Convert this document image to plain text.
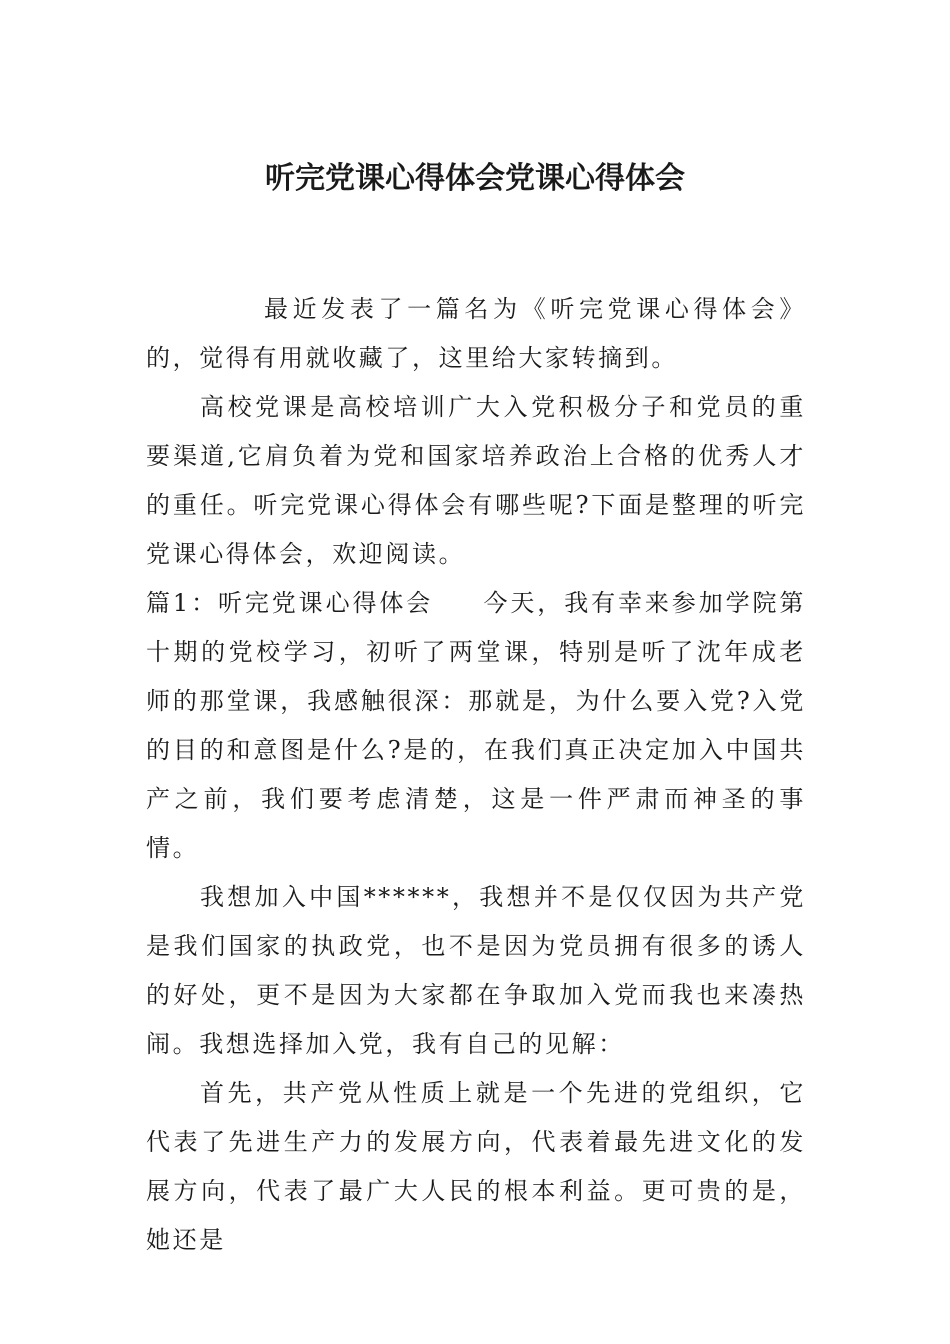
听完党课心得体会党课心得体会

最近发表了一篇名为《听完党课心得体会》的，觉得有用就收藏了，这里给大家转摘到。

高校党课是高校培训广大入党积极分子和党员的重要渠道,它肩负着为党和国家培养政治上合格的优秀人才的重任。听完党课心得体会有哪些呢?下面是整理的听完党课心得体会，欢迎阅读。

篇1：听完党课心得体会 今天，我有幸来参加学院第十期的党校学习，初听了两堂课，特别是听了沈年成老师的那堂课，我感触很深：那就是，为什么要入党?入党的目的和意图是什么?是的，在我们真正决定加入中国共产之前，我们要考虑清楚，这是一件严肃而神圣的事情。

我想加入中国******，我想并不是仅仅因为共产党是我们国家的执政党，也不是因为党员拥有很多的诱人的好处，更不是因为大家都在争取加入党而我也来凑热闹。我想选择加入党，我有自己的见解：

首先，共产党从性质上就是一个先进的党组织，它代表了先进生产力的发展方向，代表着最先进文化的发展方向，代表了最广大人民的根本利益。更可贵的是，她还是
